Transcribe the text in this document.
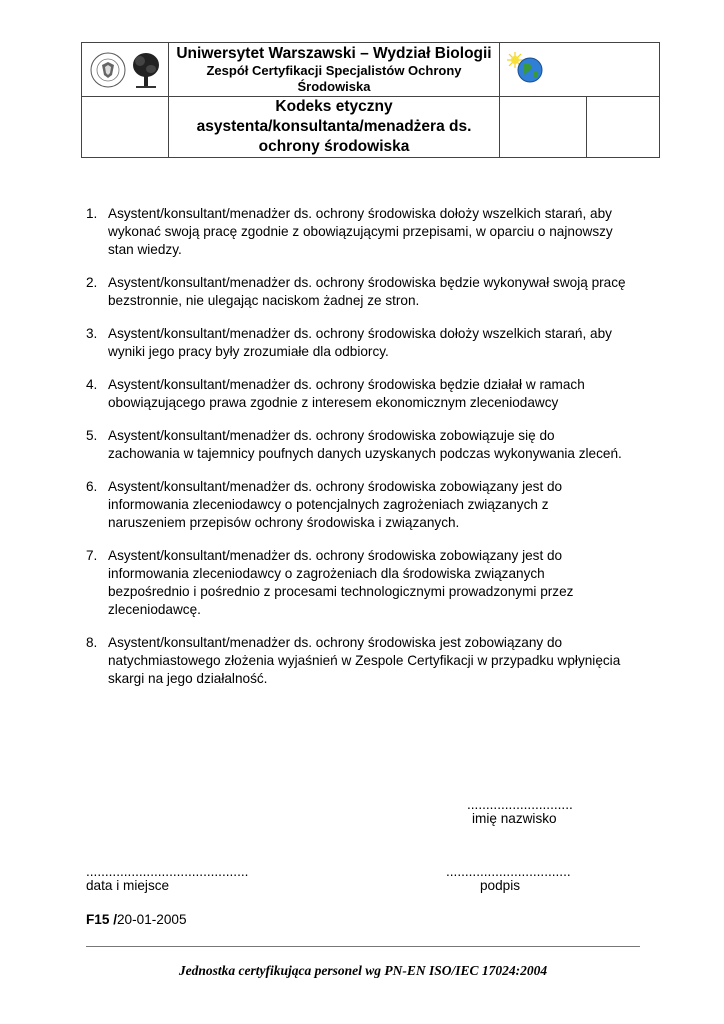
Uniwersytet Warszawski – Wydział Biologii
Zespół Certyfikacji Specjalistów Ochrony Środowiska

	Kodeks etyczny
asystenta/konsultanta/menadżera ds.
ochrony środowiska		

1. Asystent/konsultant/menadżer ds. ochrony środowiska dołoży wszelkich starań, aby wykonać swoją pracę zgodnie z obowiązującymi przepisami, w oparciu o najnowszy stan wiedzy.
2. Asystent/konsultant/menadżer ds. ochrony środowiska będzie wykonywał swoją pracę bezstronnie, nie ulegając naciskom żadnej ze stron.
3. Asystent/konsultant/menadżer ds. ochrony środowiska dołoży wszelkich starań, aby wyniki jego pracy były zrozumiałe dla odbiorcy.
4. Asystent/konsultant/menadżer ds. ochrony środowiska będzie działał w ramach obowiązującego prawa zgodnie z interesem ekonomicznym zleceniodawcy
5. Asystent/konsultant/menadżer ds. ochrony środowiska zobowiązuje się do zachowania w tajemnicy poufnych danych uzyskanych podczas wykonywania zleceń.
6. Asystent/konsultant/menadżer ds. ochrony środowiska zobowiązany jest do informowania zleceniodawcy o potencjalnych zagrożeniach związanych z naruszeniem przepisów ochrony środowiska i związanych.
7. Asystent/konsultant/menadżer ds. ochrony środowiska zobowiązany jest do informowania zleceniodawcy o zagrożeniach dla środowiska związanych bezpośrednio i pośrednio z procesami technologicznymi prowadzonymi przez zleceniodawcę.
8. Asystent/konsultant/menadżer ds. ochrony środowiska jest zobowiązany do natychmiastowego złożenia wyjaśnień w Zespole Certyfikacji w przypadku wpłynięcia skargi na jego działalność.
............................
imię nazwisko
...........................................
data i miejsce
.................................
podpis
F15 /20-01-2005
Jednostka certyfikująca personel wg PN-EN ISO/IEC 17024:2004
